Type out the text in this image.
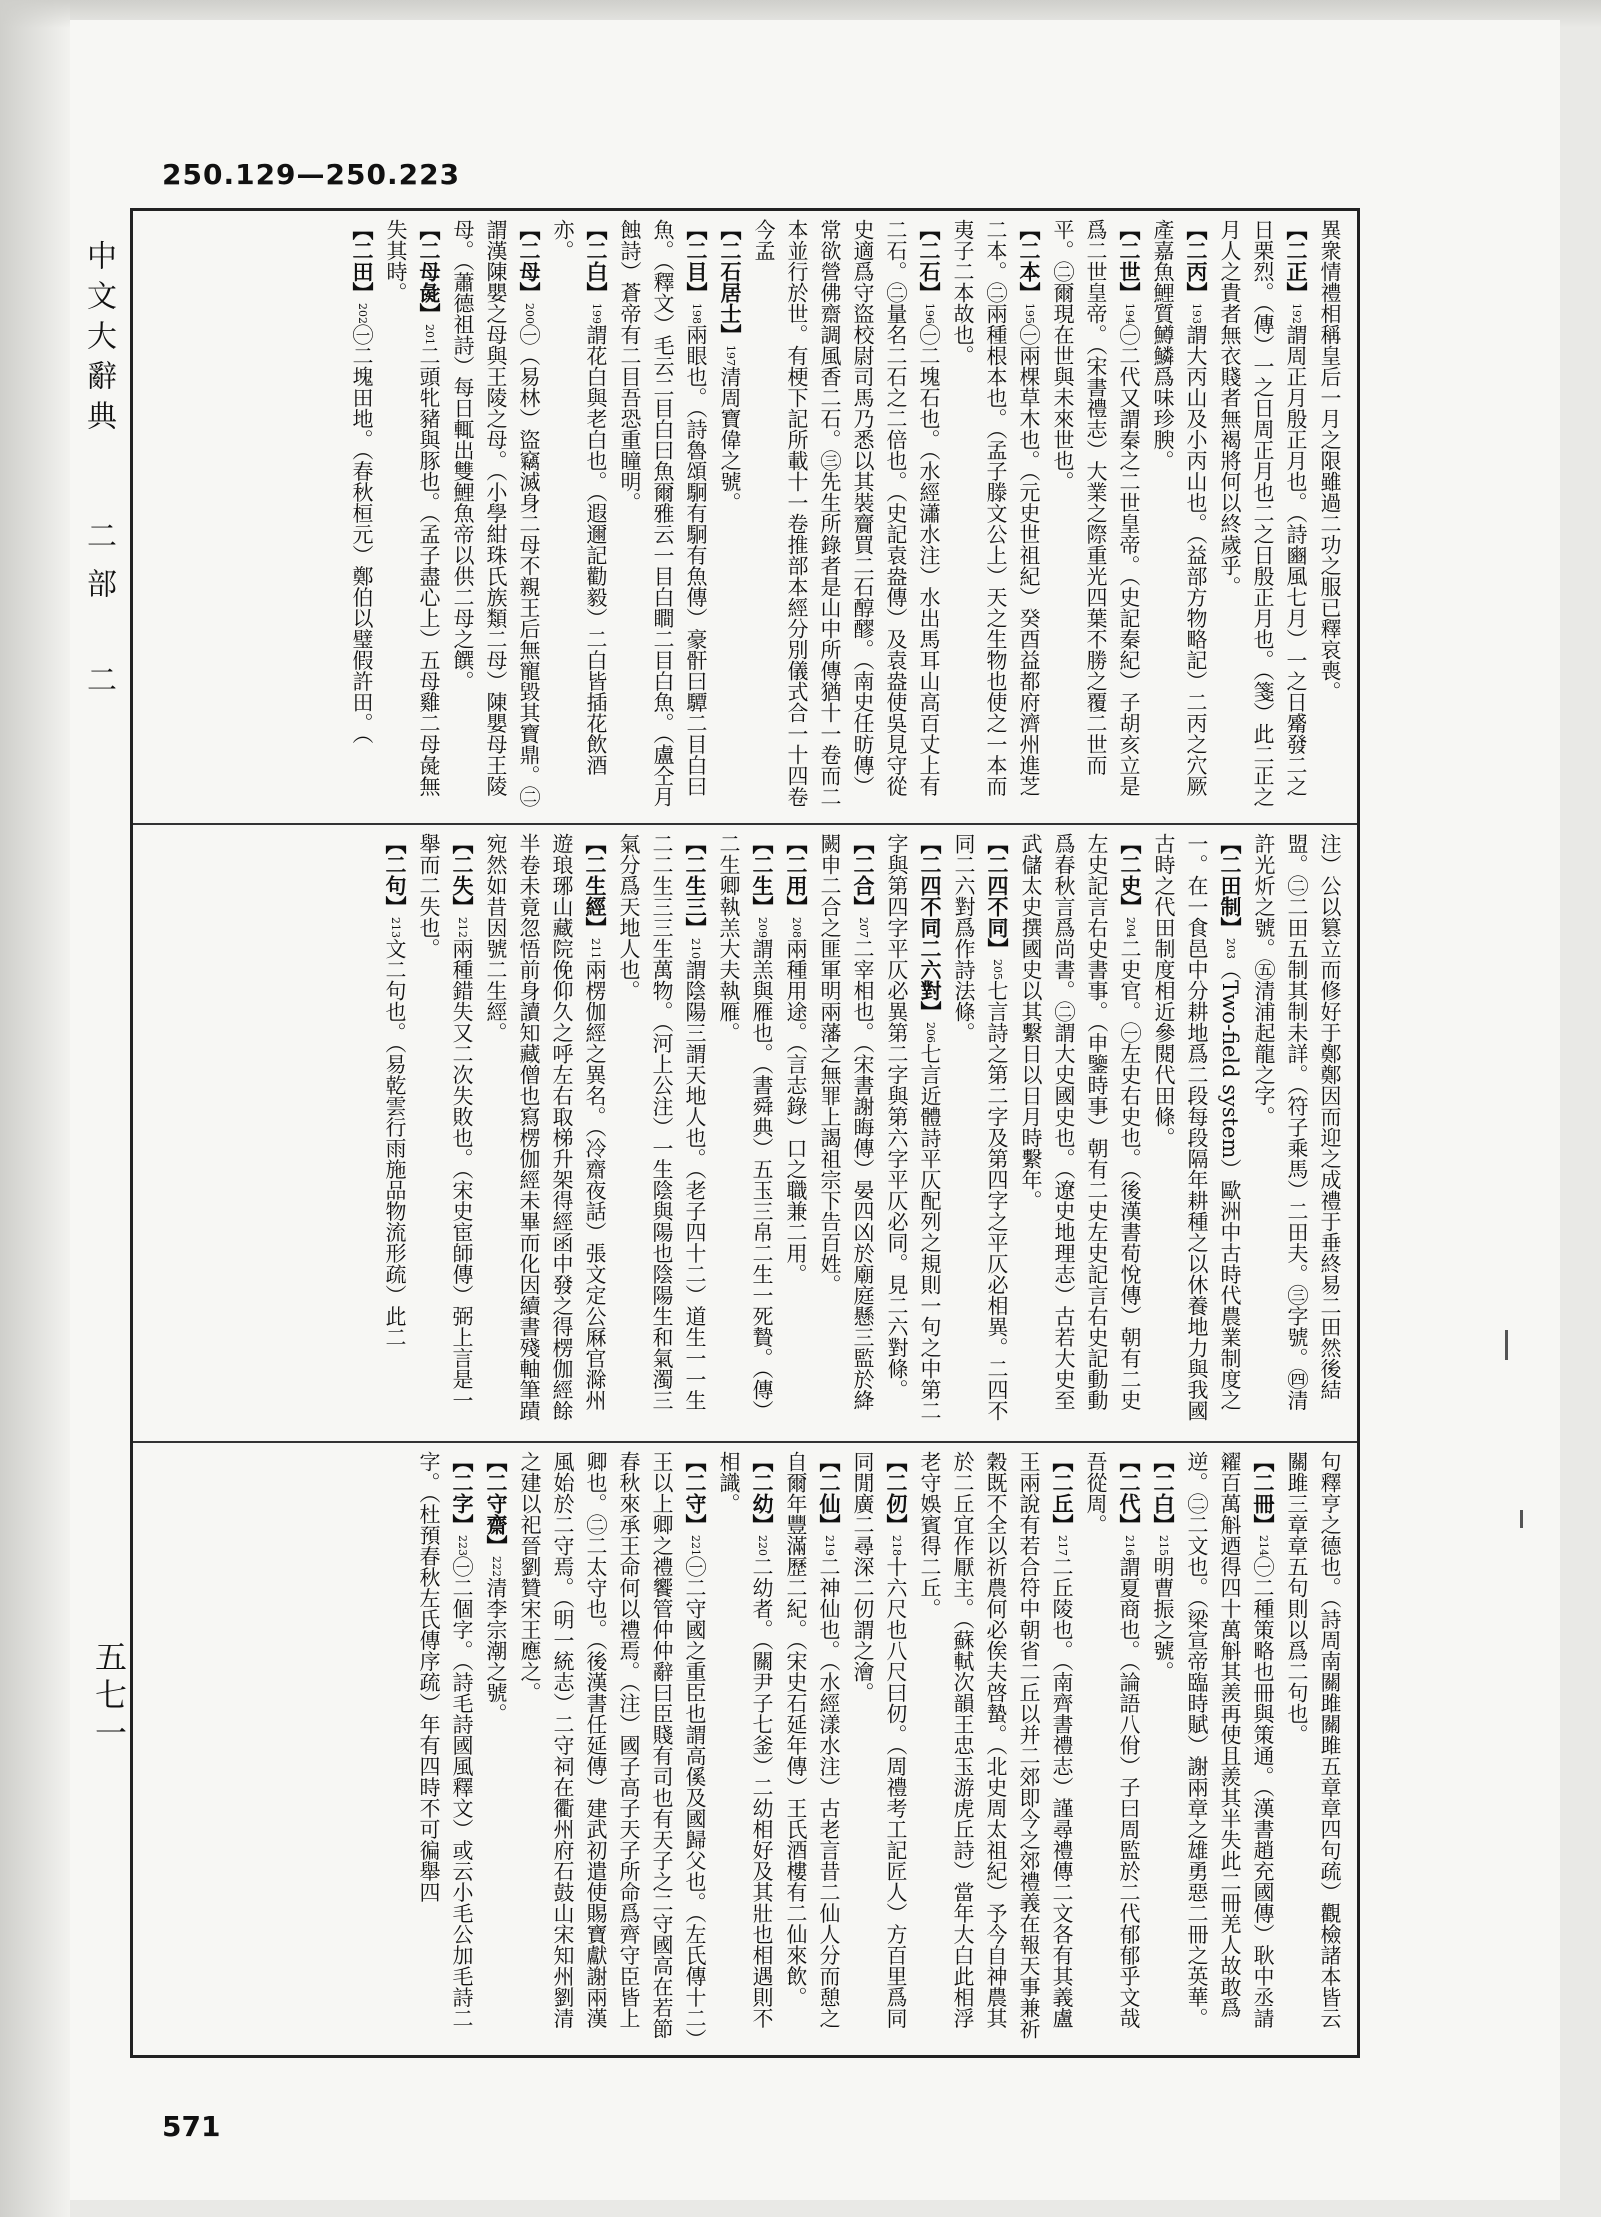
250.129—250.223
中文大辭典
二部　二
五七一

異衆情禮相稱皇后一月之限雖過二功之服已釋哀喪。

【二正】192謂周正月殷正月也。（詩豳風七月）一之日觱發二之日栗烈。（傳）一之日周正月也二之日殷正月也。（箋）此二正之月人之貴者無衣賤者無褐將何以終歲乎。

【二丙】193謂大丙山及小丙山也。（益部方物略記）二丙之穴厥產嘉魚鯉質鱒鱗爲味珍腴。

【二世】194㊀二代又謂秦之二世皇帝。（史記秦紀）子胡亥立是爲二世皇帝。（宋書禮志）大業之際重光四葉不勝之覆二世而平。㊁爾現在世與未來世也。

【二本】195㊀兩棵草木也。（元史世祖紀）癸酉益都府濟州進芝二本。㊁兩種根本也。（孟子滕文公上）天之生物也使之一本而夷子二本故也。

【二石】196㊀二塊石也。（水經瀟水注）水出馬耳山高百丈上有二石。㊁量名二石之二倍也。（史記袁盎傳）及袁盎使吳見守從史適爲守盜校尉司馬乃悉以其裝齎買二石醇醪。（南史任昉傳）常欲營佛齋調風香二石。㊂先生所錄者是山中所傳猶十一卷而二本並行於世。有梗下記所載十一卷推部本經分別儀式合一十四卷今孟

【二石居士】197清周寶偉之號。

【二目】198兩眼也。（詩魯頌駉有駉有魚傳）豪骭曰驔二目白曰魚。（釋文）毛云二目白曰魚爾雅云一目白瞷二目白魚。（盧仝月蝕詩）蒼帝有二目吾恐重瞳明。

【二白】199謂花白與老白也。（遐邇記勸毅）二白皆插花飲酒亦。

【二母】200㊀（易林）盜竊滅身二母不親王后無寵毀其寶鼎。㊁謂漢陳嬰之母與王陵之母。（小學紺珠氏族類二母）陳嬰母王陵母。（蕭德祖詩）每日輒出雙鯉魚帝以供二母之饌。

【二母彘】201二頭牝豬與豚也。（孟子盡心上）五母雞二母彘無失其時。

【二田】202㊀二塊田地。（春秋桓元）鄭伯以璧假許田。（

注）公以篡立而修好于鄭鄭因而迎之成禮于垂終易二田然後結盟。㊁二田五制其制未詳。（符子乘馬）二田夫。㊂字號。㊃清許光炘之號。㊄清浦起龍之字。

【二田制】203（Two-field system）歐洲中古時代農業制度之一。在一食邑中分耕地爲二段每段隔年耕種之以休養地力與我國古時之代田制度相近參閱代田條。

【二史】204二史官。㊀左史右史也。（後漢書荀悅傳）朝有二史左史記言右史書事。（申鑒時事）朝有二史左史記言右史記動動爲春秋言爲尚書。㊁謂大史國史也。（遼史地理志）古若大史至武儲太史撰國史以其繫日以日月時繫年。

【二四不同】205七言詩之第二字及第四字之平仄必相異。二四不同二六對爲作詩法條。

【二四不同二六對】206七言近體詩平仄配列之規則一句之中第二字與第四字平仄必異第二字與第六字平仄必同。見二六對條。

【二合】207二宰相也。（宋書謝晦傳）晏四凶於廟庭懸三監於絳闕申二合之匪軍明兩藩之無罪上謁祖宗下告百姓。

【二用】208兩種用途。（言志錄）口之職兼二用。

【二生】209謂羔與雁也。（書舜典）五玉三帛二生一死贄。（傳）二生卿執羔大夫執雁。

【二生三】210謂陰陽三謂天地人也。（老子四十二）道生一一生二二生三三生萬物。（河上公注）一生陰與陽也陰陽生和氣濁三氣分爲天地人也。

【二生經】211兩楞伽經之異名。（冷齋夜話）張文定公厤官滁州遊琅琊山藏院俛仰久之呼左右取梯升架得經函中發之得楞伽經餘半卷未竟忽悟前身讀知藏僧也寫楞伽經未畢而化因續書殘軸筆蹟宛然如昔因號二生經。

【二失】212兩種錯失又二次失敗也。（宋史宦師傳）弼上言是一舉而二失也。

【二句】213文二句也。（易乾雲行雨施品物流形疏）此二

句釋亨之德也。（詩周南關雎關雎五章章四句疏）觀檢諸本皆云關雎三章章五句則以爲二句也。

【二冊】214㊀二種策略也冊與策通。（漢書趙充國傳）耿中丞請糴百萬斛迺得四十萬斛其羨再使且羨其半失此二冊羌人故敢爲逆。㊁二文也。（梁宣帝臨時賦）謝兩章之雄勇惡二冊之英華。

【二白】215明曹振之號。

【二代】216謂夏商也。（論語八佾）子曰周監於二代郁郁乎文哉吾從周。

【二丘】217二丘陵也。（南齊書禮志）謹尋禮傳二文各有其義盧王兩說有若合符中朝省二丘以并二郊即今之郊禮義在報天事兼祈穀既不全以祈農何必俟夫啓蟄。（北史周太祖紀）予今自神農其於二丘宜作厭主。（蘇軾次韻王忠玉游虎丘詩）當年大白此相浮老守娛賓得二丘。

【二仞】218十六尺也八尺曰仞。（周禮考工記匠人）方百里爲同同閒廣二尋深二仞謂之澮。

【二仙】219二神仙也。（水經漾水注）古老言昔二仙人分而憩之自爾年豐滿歷二紀。（宋史石延年傳）王氏酒樓有二仙來飲。

【二幼】220二幼者。（關尹子七釜）二幼相好及其壯也相遇則不相識。

【二守】221㊀二守國之重臣也謂高傒及國歸父也。（左氏傳十二）王以上卿之禮饗管仲仲辭曰臣賤有司也有天子之二守國高在若節春秋來承王命何以禮焉。（注）國子高子天子所命爲齊守臣皆上卿也。㊁二太守也。（後漢書任延傳）建武初遣使賜寶獻謝兩漢風始於二守焉。（明一統志）二守祠在衢州府石鼓山宋知州劉清之建以祀晉劉贊宋王應之。

【二守齋】222清李宗潮之號。

【二字】223㊀二個字。（詩毛詩國風釋文）或云小毛公加毛詩二字。（杜預春秋左氏傳序疏）年有四時不可徧舉四

571
